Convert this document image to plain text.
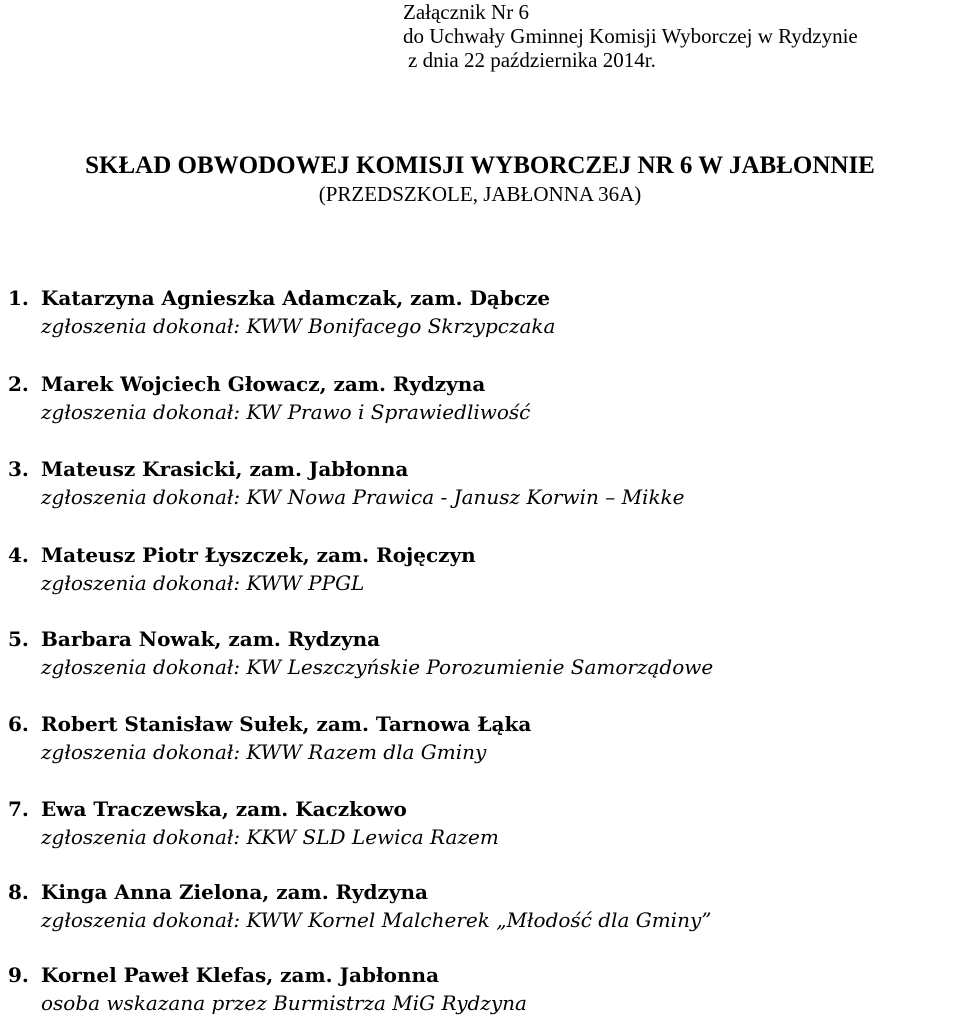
Załącznik Nr 6
do Uchwały Gminnej Komisji Wyborczej w Rydzynie
z dnia 22 października 2014r.
SKŁAD OBWODOWEJ KOMISJI WYBORCZEJ NR 6 W JABŁONNIE
(PRZEDSZKOLE, JABŁONNA 36A)
1. Katarzyna Agnieszka Adamczak, zam. Dąbcze
zgłoszenia dokonał: KWW Bonifacego Skrzypczaka
2. Marek Wojciech Głowacz, zam. Rydzyna
zgłoszenia dokonał: KW Prawo i Sprawiedliwość
3. Mateusz Krasicki, zam. Jabłonna
zgłoszenia dokonał: KW Nowa Prawica - Janusz Korwin – Mikke
4. Mateusz Piotr Łyszczek, zam. Rojęczyn
zgłoszenia dokonał: KWW PPGL
5. Barbara Nowak, zam. Rydzyna
zgłoszenia dokonał: KW Leszczyńskie Porozumienie Samorządowe
6. Robert Stanisław Sułek, zam. Tarnowa Łąka
zgłoszenia dokonał: KWW Razem dla Gminy
7. Ewa Traczewska, zam. Kaczkowo
zgłoszenia dokonał: KKW SLD Lewica Razem
8. Kinga Anna Zielona, zam. Rydzyna
zgłoszenia dokonał: KWW Kornel Malcherek „Młodość dla Gminy”
9. Kornel Paweł Klefas, zam. Jabłonna
osoba wskazana przez Burmistrza MiG Rydzyna
